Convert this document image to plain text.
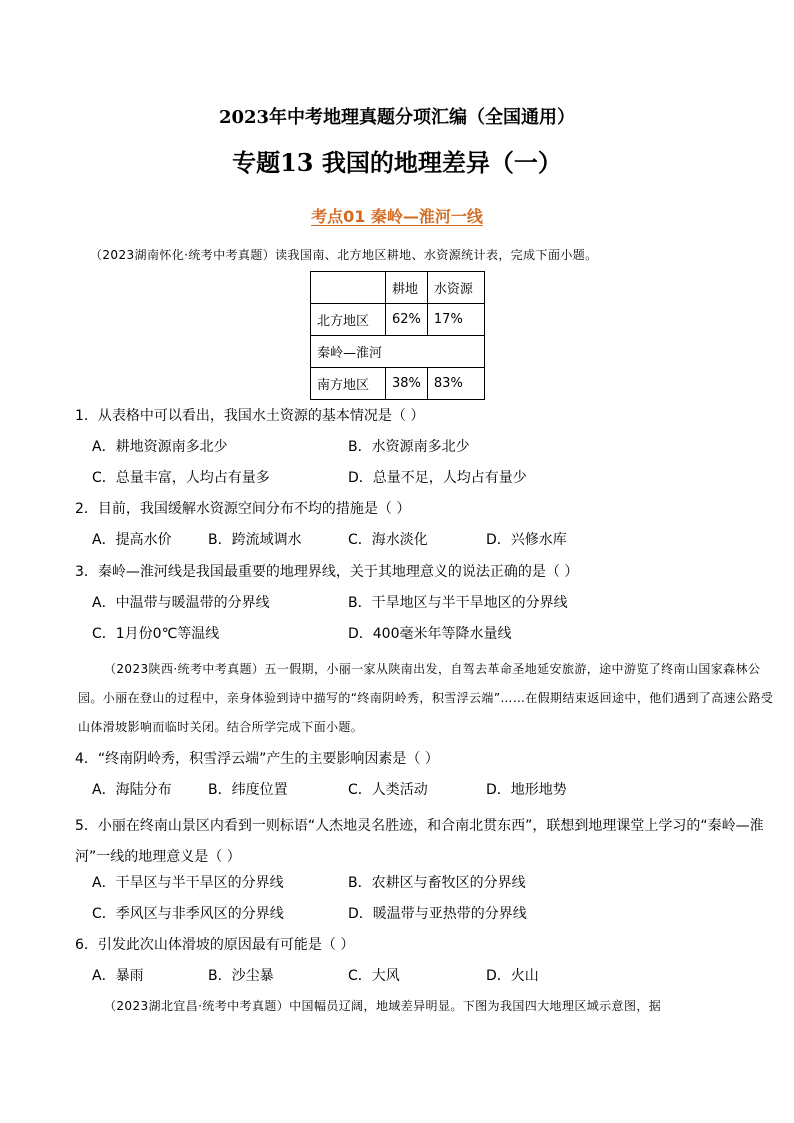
2023年中考地理真题分项汇编（全国通用）
专题13 我国的地理差异（一）
考点01 秦岭—淮河一线
（2023湖南怀化·统考中考真题）读我国南、北方地区耕地、水资源统计表，完成下面小题。
	耕地	水资源
北方地区	62%	17%
秦岭—淮河		
南方地区	38%	83%
1．从表格中可以看出，我国水土资源的基本情况是（ ）
A．耕地资源南多北少	B．水资源南多北少
C．总量丰富，人均占有量多	D．总量不足，人均占有量少
2．目前，我国缓解水资源空间分布不均的措施是（ ）
A．提高水价	B．跨流域调水	C．海水淡化	D．兴修水库
3．秦岭—淮河线是我国最重要的地理界线，关于其地理意义的说法正确的是（ ）
A．中温带与暖温带的分界线	B．干旱地区与半干旱地区的分界线
C．1月份0℃等温线	D．400毫米年等降水量线
（2023陕西·统考中考真题）五一假期，小丽一家从陕南出发，自驾去革命圣地延安旅游，途中游览了终南山国家森林公园。小丽在登山的过程中，亲身体验到诗中描写的“终南阴岭秀，积雪浮云端”……在假期结束返回途中，他们遇到了高速公路受山体滑坡影响而临时关闭。结合所学完成下面小题。
4．“终南阴岭秀，积雪浮云端”产生的主要影响因素是（ ）
A．海陆分布	B．纬度位置	C．人类活动	D．地形地势
5．小丽在终南山景区内看到一则标语“人杰地灵名胜迹，和合南北贯东西”，联想到地理课堂上学习的“秦岭—淮河”一线的地理意义是（ ）
A．干旱区与半干旱区的分界线	B．农耕区与畜牧区的分界线
C．季风区与非季风区的分界线	D．暖温带与亚热带的分界线
6．引发此次山体滑坡的原因最有可能是（ ）
A．暴雨	B．沙尘暴	C．大风	D．火山
（2023湖北宜昌·统考中考真题）中国幅员辽阔，地域差异明显。下图为我国四大地理区域示意图，据
